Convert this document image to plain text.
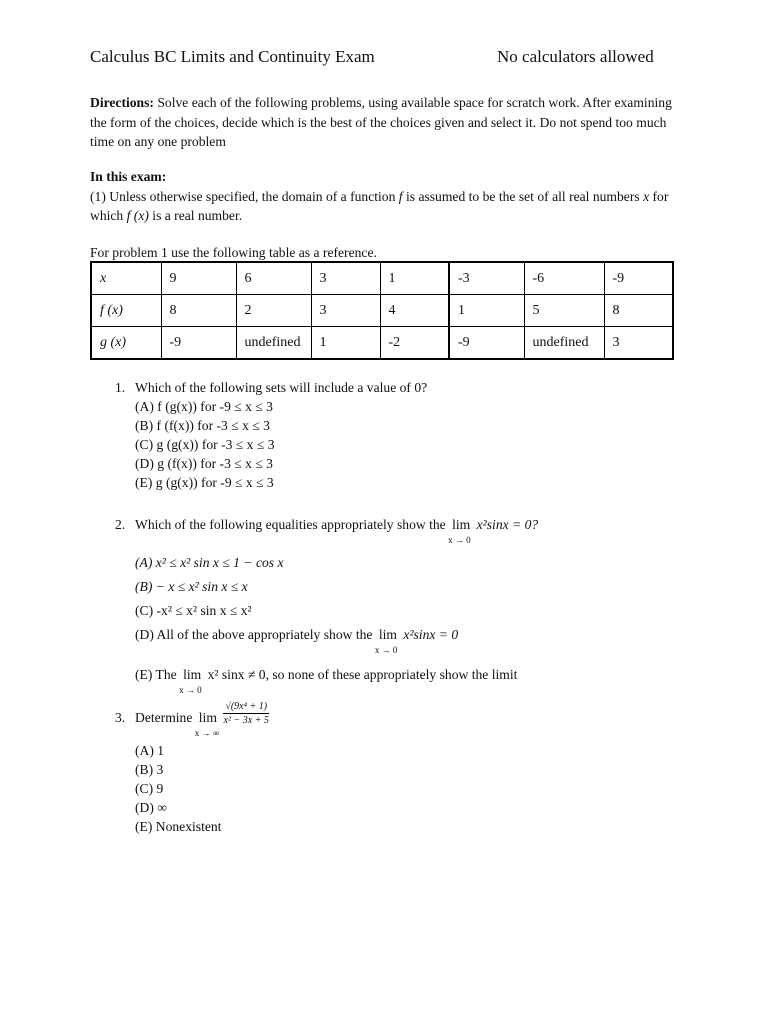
Calculus BC Limits and Continuity Exam	No calculators allowed
Directions: Solve each of the following problems, using available space for scratch work. After examining the form of the choices, decide which is the best of the choices given and select it. Do not spend too much time on any one problem
In this exam:
(1) Unless otherwise specified, the domain of a function f is assumed to be the set of all real numbers x for which f (x) is a real number.
For problem 1 use the following table as a reference.
x	9	6	3	1	-3	-6	-9
f (x)	8	2	3	4	1	5	8
g (x)	-9	undefined	1	-2	-9	undefined	3
1. Which of the following sets will include a value of 0?
(A) f (g(x)) for -9 ≤ x ≤ 3
(B) f (f(x)) for -3 ≤ x ≤ 3
(C) g (g(x)) for -3 ≤ x ≤ 3
(D) g (f(x)) for -3 ≤ x ≤ 3
(E) g (g(x)) for -9 ≤ x ≤ 3
2. Which of the following equalities appropriately show the lim
x → 0
x²sinx = 0?
(A) x² ≤ x² sin x ≤ 1 − cos x
(B) − x ≤ x² sin x ≤ x
(C) -x² ≤ x² sin x ≤ x²
(D) All of the above appropriately show the lim
x → 0
x²sinx = 0
(E) The lim
x → 0
x² sinx ≠ 0, so none of these appropriately show the limit
3. Determine lim
x → ∞

$\frac{\text{√(9x⁴ + 1)}}{\text{x² − 3x + 5}}$
(A) 1
(B) 3
(C) 9
(D) ∞
(E) Nonexistent
